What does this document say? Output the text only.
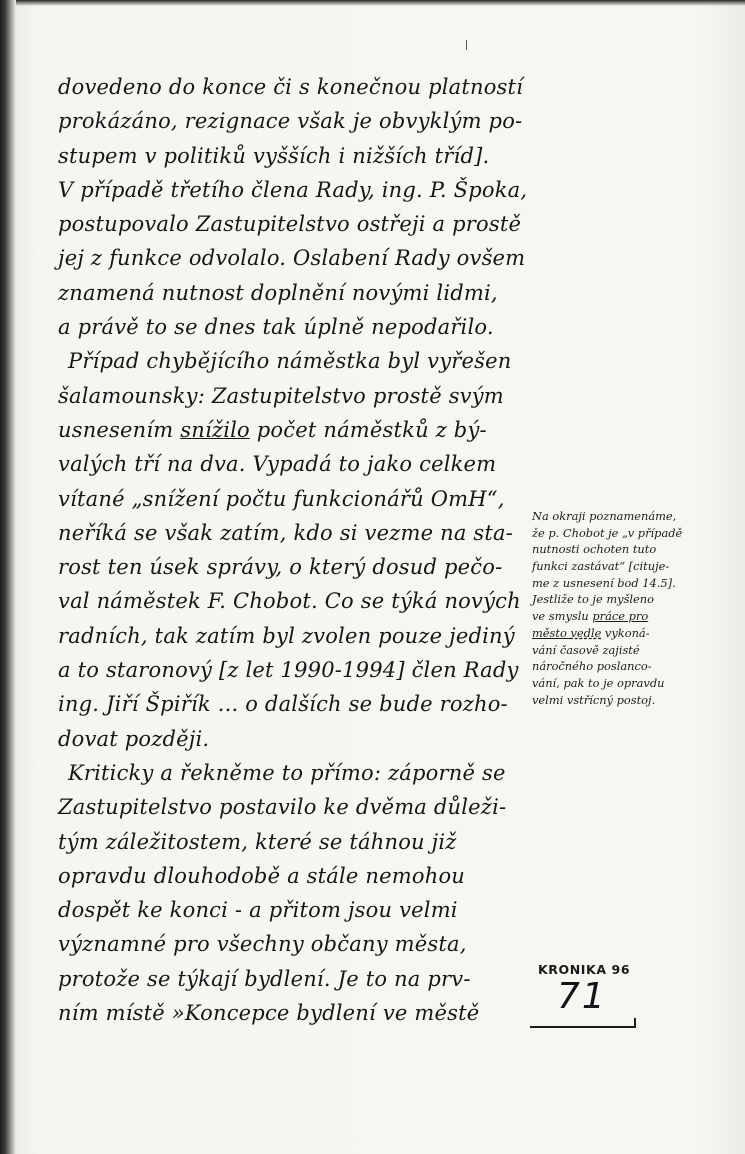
dovedeno do konce či s konečnou platností
prokázáno, rezignace však je obvyklým po-
stupem v politiků vyšších i nižších tříd].
V případě třetího člena Rady, ing. P. Špoka,
postupovalo Zastupitelstvo ostřeji a prostě
jej z funkce odvolalo. Oslabení Rady ovšem
znamená nutnost doplnění novými lidmi,
a právě to se dnes tak úplně nepodařilo.
Případ chybějícího náměstka byl vyřešen
šalamounsky: Zastupitelstvo prostě svým
usnesením snížilo počet náměstků z bý-
valých tří na dva. Vypadá to jako celkem
vítané „snížení počtu funkcionářů OmH“,
neříká se však zatím, kdo si vezme na sta-
rost ten úsek správy, o který dosud pečo-
val náměstek F. Chobot. Co se týká nových
radních, tak zatím byl zvolen pouze jediný
a to staronový [z let 1990-1994] člen Rady
ing. Jiří Špiřík ... o dalších se bude rozho-
dovat později.
Kriticky a řekněme to přímo: záporně se
Zastupitelstvo postavilo ke dvěma důleži-
tým záležitostem, které se táhnou již
opravdu dlouhodobě a stále nemohou
dospět ke konci - a přitom jsou velmi
významné pro všechny občany města,
protože se týkají bydlení. Je to na prv-
ním místě »Koncepce bydlení ve městě
Na okraji poznamenáme,
že p. Chobot je „v případě
nutnosti ochoten tuto
funkci zastávat“ [cituje-
me z usnesení bod 14.5].
Jestliže to je myšleno
ve smyslu práce pro
město vedle vykoná-
vání časově zajisté
náročného poslanco-
vání, pak to je opravdu
velmi vstřícný postoj.
KRONIKA 96
71
